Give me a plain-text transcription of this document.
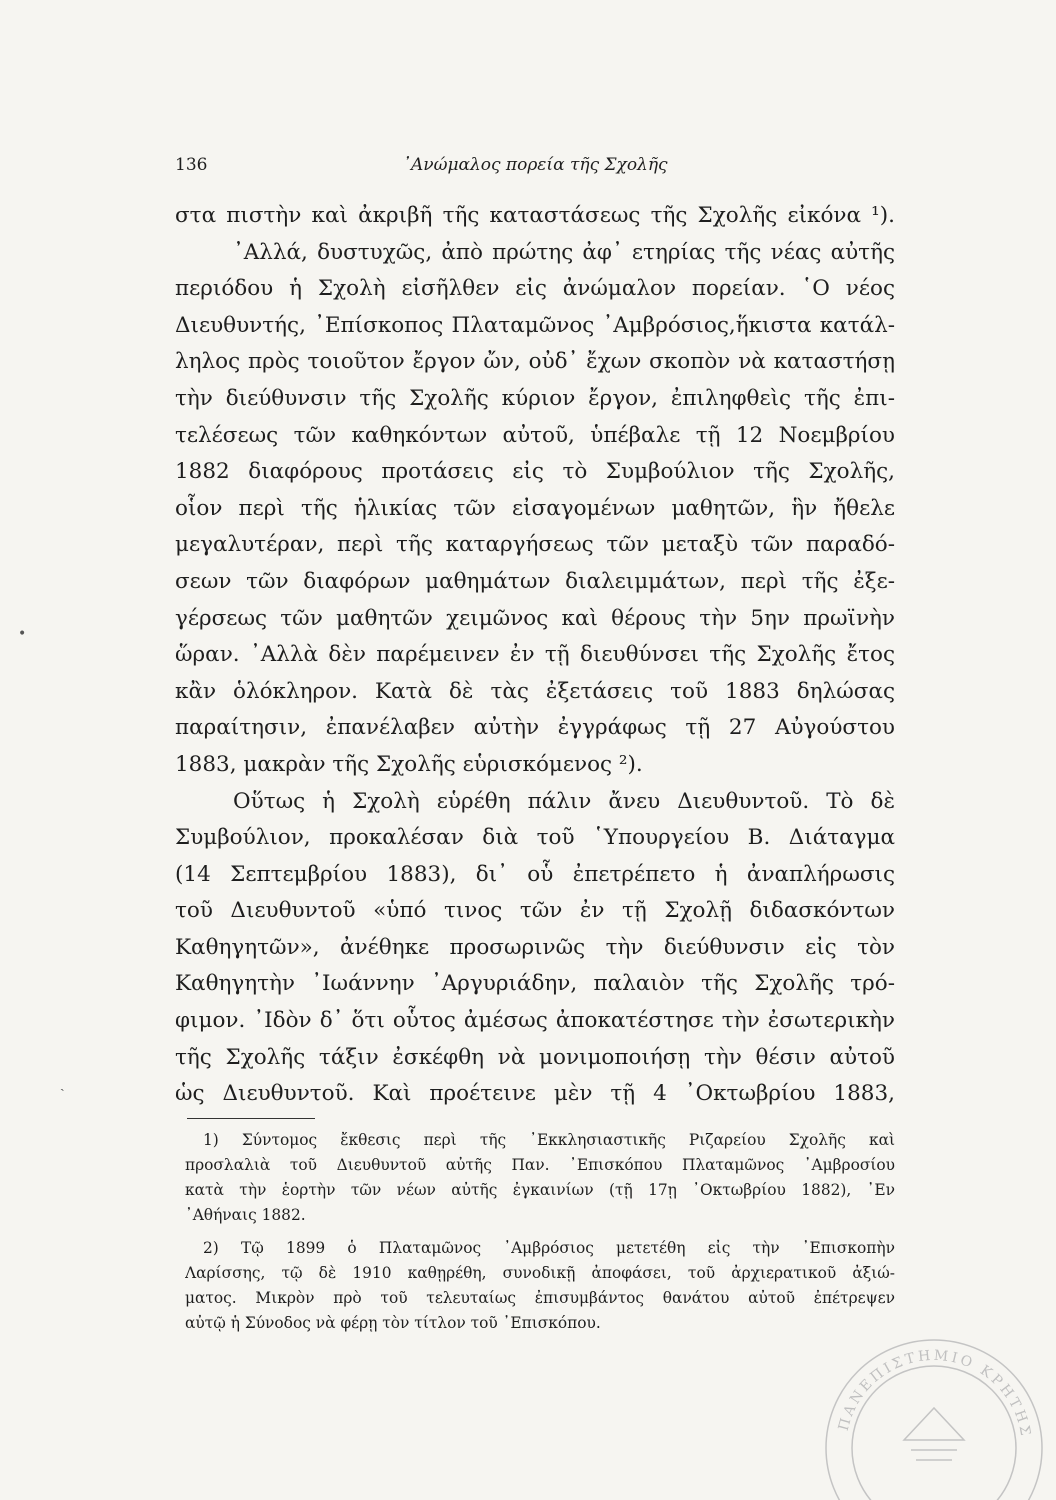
136	᾿Ανώμαλος πορεία τῆς Σχολῆς
στα πιστὴν καὶ ἀκριβῆ τῆς καταστάσεως τῆς Σχολῆς εἰκόνα ¹).
᾿Αλλά, δυστυχῶς, ἀπὸ πρώτης ἀφ᾿ ετηρίας τῆς νέας αὐτῆς
περιόδου ἡ Σχολὴ εἰσῆλθεν εἰς ἀνώμαλον πορείαν. ῾Ο νέος
Διευθυντής, ᾿Επίσκοπος Πλαταμῶνος ᾿Αμβρόσιος,ἥκιστα κατάλ-
ληλος πρὸς τοιοῦτον ἔργον ὤν, οὐδ᾿ ἔχων σκοπὸν νὰ καταστήσῃ
τὴν διεύθυνσιν τῆς Σχολῆς κύριον ἔργον, ἐπιληφθεὶς τῆς ἐπι-
τελέσεως τῶν καθηκόντων αὐτοῦ, ὑπέβαλε τῇ 12 Νοεμβρίου
1882 διαφόρους προτάσεις εἰς τὸ Συμβούλιον τῆς Σχολῆς,
οἷον περὶ τῆς ἡλικίας τῶν εἰσαγομένων μαθητῶν, ἣν ἤθελε
μεγαλυτέραν, περὶ τῆς καταργήσεως τῶν μεταξὺ τῶν παραδό-
σεων τῶν διαφόρων μαθημάτων διαλειμμάτων, περὶ τῆς ἐξε-
γέρσεως τῶν μαθητῶν χειμῶνος καὶ θέρους τὴν 5ην πρωϊνὴν
ὥραν. ᾿Αλλὰ δὲν παρέμεινεν ἐν τῇ διευθύνσει τῆς Σχολῆς ἔτος
κἂν ὁλόκληρον. Κατὰ δὲ τὰς ἐξετάσεις τοῦ 1883 δηλώσας
παραίτησιν, ἐπανέλαβεν αὐτὴν ἐγγράφως τῇ 27 Αὐγούστου
1883, μακρὰν τῆς Σχολῆς εὑρισκόμενος ²).
Οὕτως ἡ Σχολὴ εὑρέθη πάλιν ἄνευ Διευθυντοῦ. Τὸ δὲ
Συμβούλιον, προκαλέσαν διὰ τοῦ ῾Υπουργείου Β. Διάταγμα
(14 Σεπτεμβρίου 1883), δι᾿ οὗ ἐπετρέπετο ἡ ἀναπλήρωσις
τοῦ Διευθυντοῦ «ὑπό τινος τῶν ἐν τῇ Σχολῇ διδασκόντων
Καθηγητῶν», ἀνέθηκε προσωρινῶς τὴν διεύθυνσιν εἰς τὸν
Καθηγητὴν ᾿Ιωάννην ᾿Αργυριάδην, παλαιὸν τῆς Σχολῆς τρό-
φιμον. ᾿Ιδὸν δ᾿ ὅτι οὗτος ἀμέσως ἀποκατέστησε τὴν ἐσωτερικὴν
τῆς Σχολῆς τάξιν ἐσκέφθη νὰ μονιμοποιήσῃ τὴν θέσιν αὐτοῦ
ὡς Διευθυντοῦ. Καὶ προέτεινε μὲν τῇ 4 ᾿Οκτωβρίου 1883,
1) Σύντομος ἔκθεσις περὶ τῆς ᾿Εκκλησιαστικῆς Ριζαρείου Σχολῆς καὶ
προσλαλιὰ τοῦ Διευθυντοῦ αὐτῆς Παν. ᾿Επισκόπου Πλαταμῶνος ᾿Αμβροσίου
κατὰ τὴν ἑορτὴν τῶν νέων αὐτῆς ἐγκαινίων (τῇ 17ῃ ᾿Οκτωβρίου 1882), ᾿Εν
᾿Αθήναις 1882.
2) Τῷ 1899 ὁ Πλαταμῶνος ᾿Αμβρόσιος μετετέθη εἰς τὴν ᾿Επισκοπὴν
Λαρίσσης, τῷ δὲ 1910 καθῃρέθη, συνοδικῇ ἀποφάσει, τοῦ ἀρχιερατικοῦ ἀξιώ-
ματος. Μικρὸν πρὸ τοῦ τελευταίως ἐπισυμβάντος θανάτου αὐτοῦ ἐπέτρεψεν
αὐτῷ ἡ Σύνοδος νὰ φέρῃ τὸν τίτλον τοῦ ᾿Επισκόπου.
•
ˎ
ΠΑΝΕΠΙΣΤΗΜΙΟ ΚΡΗΤΗΣ
